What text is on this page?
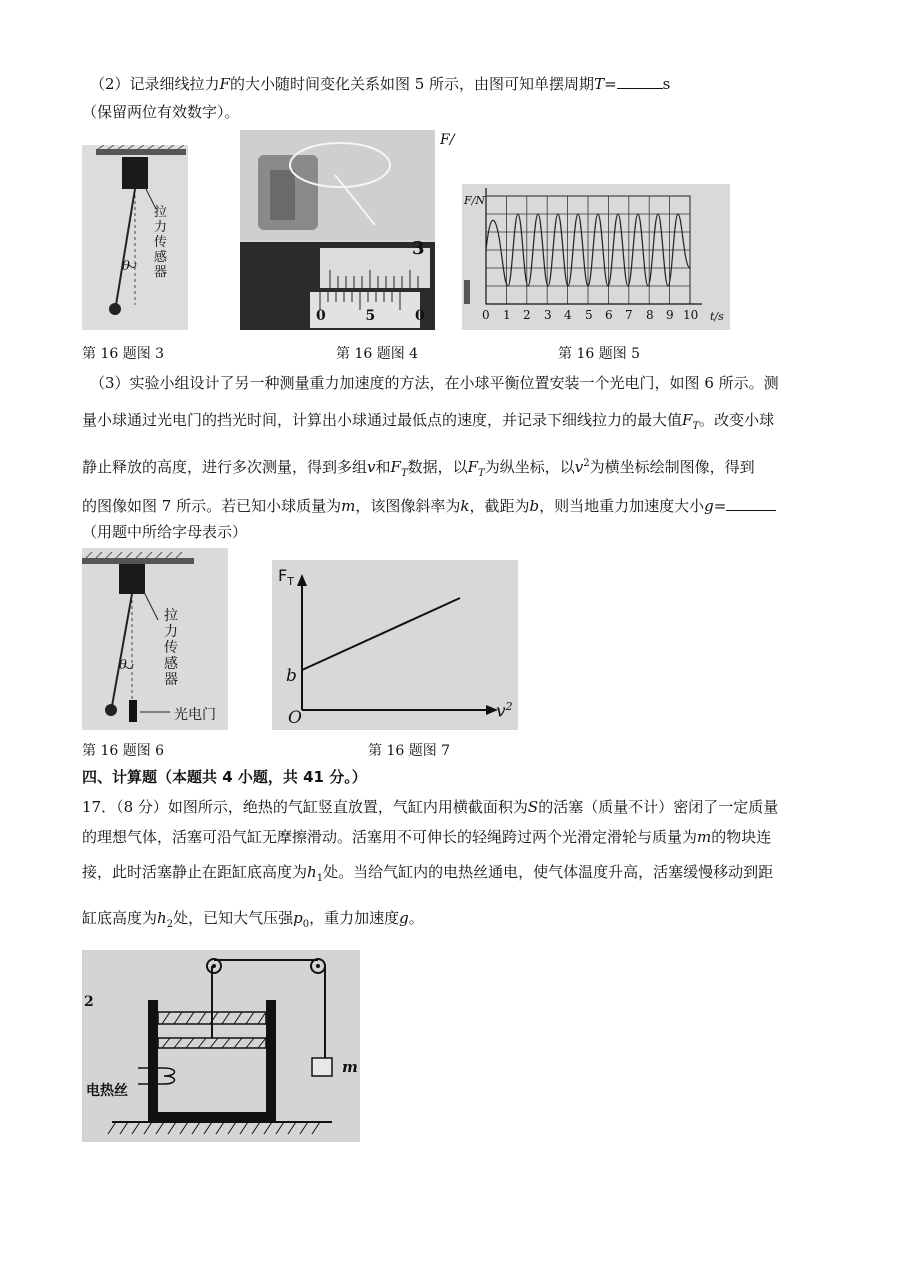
（2）记录细线拉力F的大小随时间变化关系如图 5 所示，由图可知单摆周期T=	s
（保留两位有效数字）。
拉
力
传
感
器
θ
第 16 题图 3
3
0  5  0
F/
第 16 题图 4
F/N
t/s
0 1 2 3 4 5 6 7 8 9 10
第 16 题图 5
（3）实验小组设计了另一种测量重力加速度的方法，在小球平衡位置安装一个光电门，如图 6 所示。测
量小球通过光电门的挡光时间，计算出小球通过最低点的速度，并记录下细线拉力的最大值$F_T$。改变小球
静止释放的高度，进行多次测量，得到多组v和$F_T$数据，以$F_T$为纵坐标，以$v^2$为横坐标绘制图像，得到
的图像如图 7 所示。若已知小球质量为m，该图像斜率为k，截距为b，则当地重力加速度大小g=
（用题中所给字母表示）
拉
力
传
感
器
θ
光电门
第 16 题图 6
$F_T$
b
O	$v^2$
第 16 题图 7
四、计算题（本题共 4 小题，共 41 分。）
17．（8 分）如图所示，绝热的气缸竖直放置，气缸内用横截面积为S的活塞（质量不计）密闭了一定质量
的理想气体，活塞可沿气缸无摩擦滑动。活塞用不可伸长的轻绳跨过两个光滑定滑轮与质量为m的物块连
接，此时活塞静止在距缸底高度为$h_1$处。当给气缸内的电热丝通电，使气体温度升高，活塞缓慢移动到距
缸底高度为$h_2$处，已知大气压强$p_0$，重力加速度g。
m
电热丝
2
